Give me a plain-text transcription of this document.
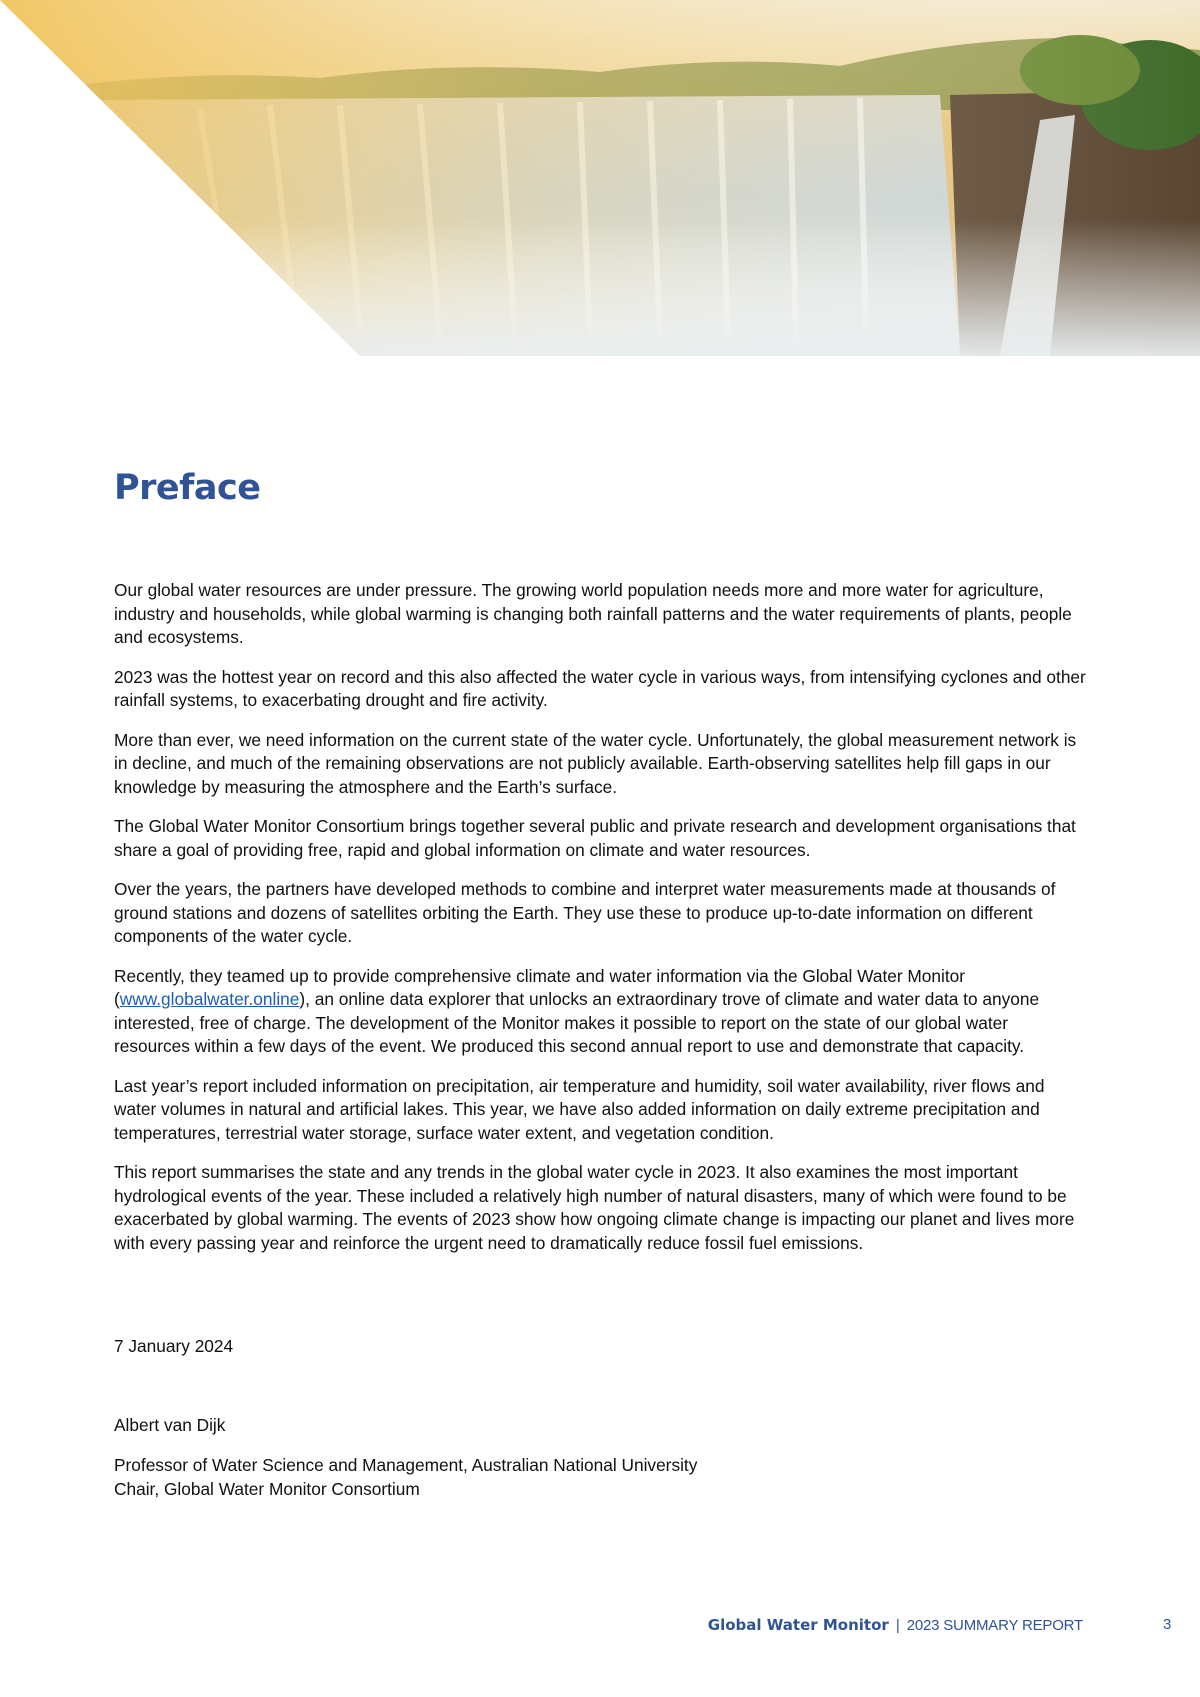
Preface

Our global water resources are under pressure. The growing world population needs more and more water for agriculture, industry and households, while global warming is changing both rainfall patterns and the water requirements of plants, people and ecosystems.

2023 was the hottest year on record and this also affected the water cycle in various ways, from intensifying cyclones and other rainfall systems, to exacerbating drought and fire activity.

More than ever, we need information on the current state of the water cycle. Unfortunately, the global measurement network is in decline, and much of the remaining observations are not publicly available. Earth-observing satellites help fill gaps in our knowledge by measuring the atmosphere and the Earth’s surface.

The Global Water Monitor Consortium brings together several public and private research and development organisations that share a goal of providing free, rapid and global information on climate and water resources.

Over the years, the partners have developed methods to combine and interpret water measurements made at thousands of ground stations and dozens of satellites orbiting the Earth. They use these to produce up-to-date information on different components of the water cycle.

Recently, they teamed up to provide comprehensive climate and water information via the Global Water Monitor (www.globalwater.online), an online data explorer that unlocks an extraordinary trove of climate and water data to anyone interested, free of charge. The development of the Monitor makes it possible to report on the state of our global water resources within a few days of the event. We produced this second annual report to use and demonstrate that capacity.

Last year’s report included information on precipitation, air temperature and humidity, soil water availability, river flows and water volumes in natural and artificial lakes. This year, we have also added information on daily extreme precipitation and temperatures, terrestrial water storage, surface water extent, and vegetation condition.

This report summarises the state and any trends in the global water cycle in 2023. It also examines the most important hydrological events of the year. These included a relatively high number of natural disasters, many of which were found to be exacerbated by global warming. The events of 2023 show how ongoing climate change is impacting our planet and lives more with every passing year and reinforce the urgent need to dramatically reduce fossil fuel emissions.

7 January 2024

Albert van Dijk

Professor of Water Science and Management, Australian National University
Chair, Global Water Monitor Consortium

Global Water Monitor | 2023 SUMMARY REPORT	3
